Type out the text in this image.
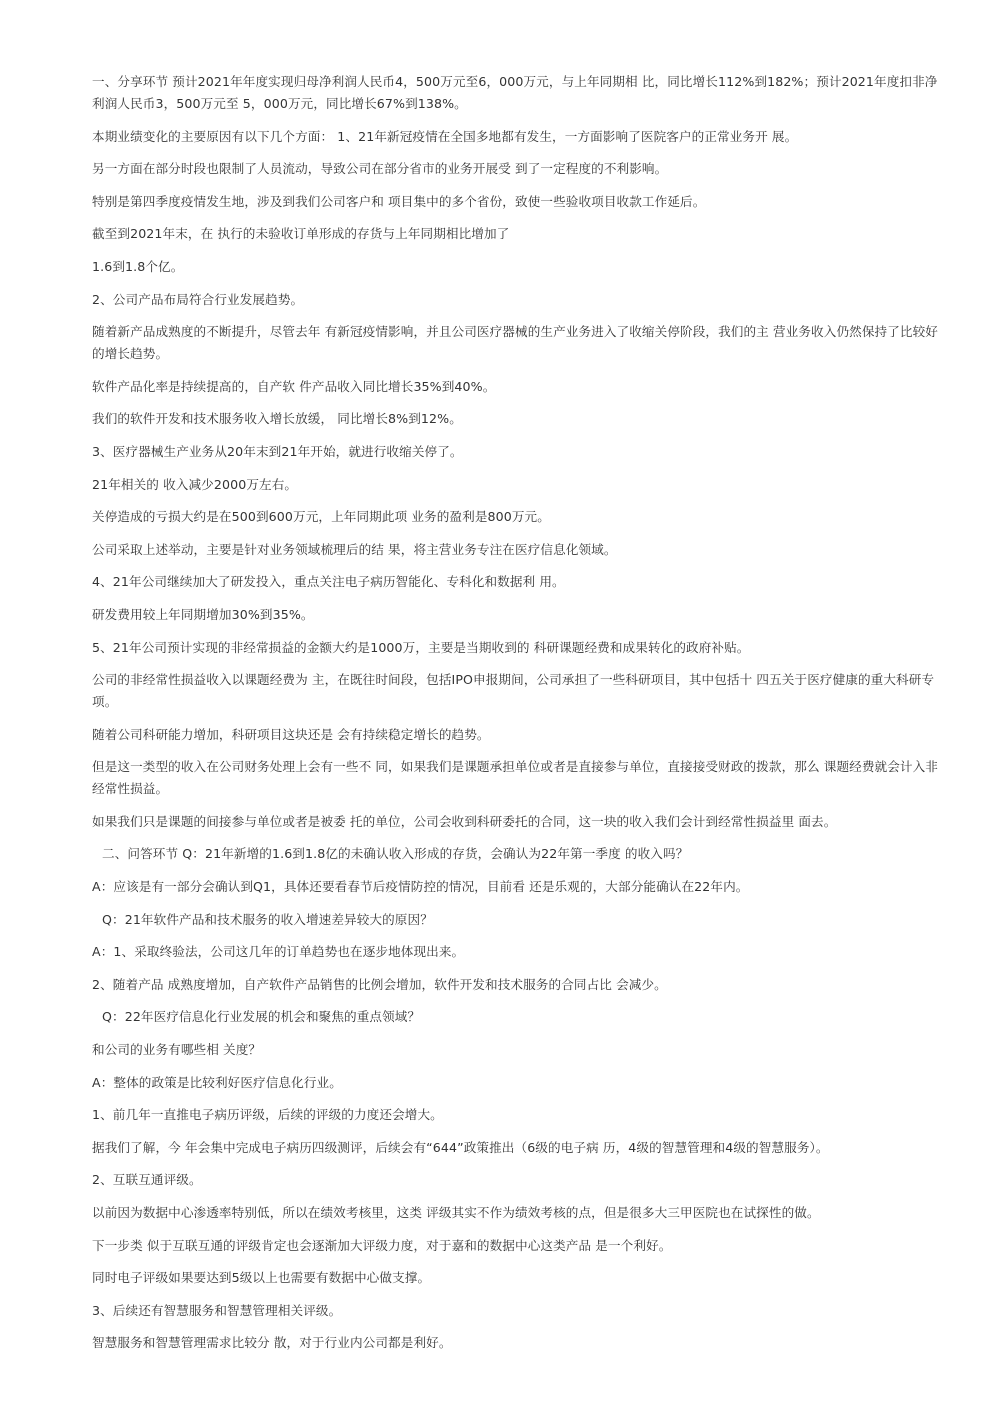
一、分享环节 预计2021年年度实现归母净利润人民币4，500万元至6，000万元，与上年同期相 比，同比增长112%到182%；预计2021年度扣非净利润人民币3，500万元至 5，000万元，同比增长67%到138%。

本期业绩变化的主要原因有以下几个方面： 1、21年新冠疫情在全国多地都有发生，一方面影响了医院客户的正常业务开 展。

另一方面在部分时段也限制了人员流动，导致公司在部分省市的业务开展受 到了一定程度的不利影响。

特别是第四季度疫情发生地，涉及到我们公司客户和 项目集中的多个省份，致使一些验收项目收款工作延后。

截至到2021年末，在 执行的未验收订单形成的存货与上年同期相比增加了

1.6到1.8个亿。

2、公司产品布局符合行业发展趋势。

随着新产品成熟度的不断提升，尽管去年 有新冠疫情影响，并且公司医疗器械的生产业务进入了收缩关停阶段，我们的主 营业务收入仍然保持了比较好的增长趋势。

软件产品化率是持续提高的，自产软 件产品收入同比增长35%到40%。

我们的软件开发和技术服务收入增长放缓， 同比增长8%到12%。

3、医疗器械生产业务从20年末到21年开始，就进行收缩关停了。

21年相关的 收入减少2000万左右。

关停造成的亏损大约是在500到600万元，上年同期此项 业务的盈利是800万元。

公司采取上述举动，主要是针对业务领域梳理后的结 果，将主营业务专注在医疗信息化领域。

4、21年公司继续加大了研发投入，重点关注电子病历智能化、专科化和数据利 用。

研发费用较上年同期增加30%到35%。

5、21年公司预计实现的非经常损益的金额大约是1000万，主要是当期收到的 科研课题经费和成果转化的政府补贴。

公司的非经常性损益收入以课题经费为 主，在既往时间段，包括IPO申报期间，公司承担了一些科研项目，其中包括十 四五关于医疗健康的重大科研专项。

随着公司科研能力增加，科研项目这块还是 会有持续稳定增长的趋势。

但是这一类型的收入在公司财务处理上会有一些不 同，如果我们是课题承担单位或者是直接参与单位，直接接受财政的拨款，那么 课题经费就会计入非经常性损益。

如果我们只是课题的间接参与单位或者是被委 托的单位，公司会收到科研委托的合同，这一块的收入我们会计到经常性损益里 面去。

二、问答环节 Q：21年新增的1.6到1.8亿的未确认收入形成的存货，会确认为22年第一季度 的收入吗？

A：应该是有一部分会确认到Q1，具体还要看春节后疫情防控的情况，目前看 还是乐观的，大部分能确认在22年内。

Q：21年软件产品和技术服务的收入增速差异较大的原因？

A：1、采取终验法，公司这几年的订单趋势也在逐步地体现出来。

2、随着产品 成熟度增加，自产软件产品销售的比例会增加，软件开发和技术服务的合同占比 会减少。

Q：22年医疗信息化行业发展的机会和聚焦的重点领域？

和公司的业务有哪些相 关度？

A：整体的政策是比较利好医疗信息化行业。

1、前几年一直推电子病历评级，后续的评级的力度还会增大。

据我们了解，今 年会集中完成电子病历四级测评，后续会有“644”政策推出（6级的电子病 历，4级的智慧管理和4级的智慧服务）。

2、互联互通评级。

以前因为数据中心渗透率特别低，所以在绩效考核里，这类 评级其实不作为绩效考核的点，但是很多大三甲医院也在试探性的做。

下一步类 似于互联互通的评级肯定也会逐渐加大评级力度，对于嘉和的数据中心这类产品 是一个利好。

同时电子评级如果要达到5级以上也需要有数据中心做支撑。

3、后续还有智慧服务和智慧管理相关评级。

智慧服务和智慧管理需求比较分 散，对于行业内公司都是利好。
